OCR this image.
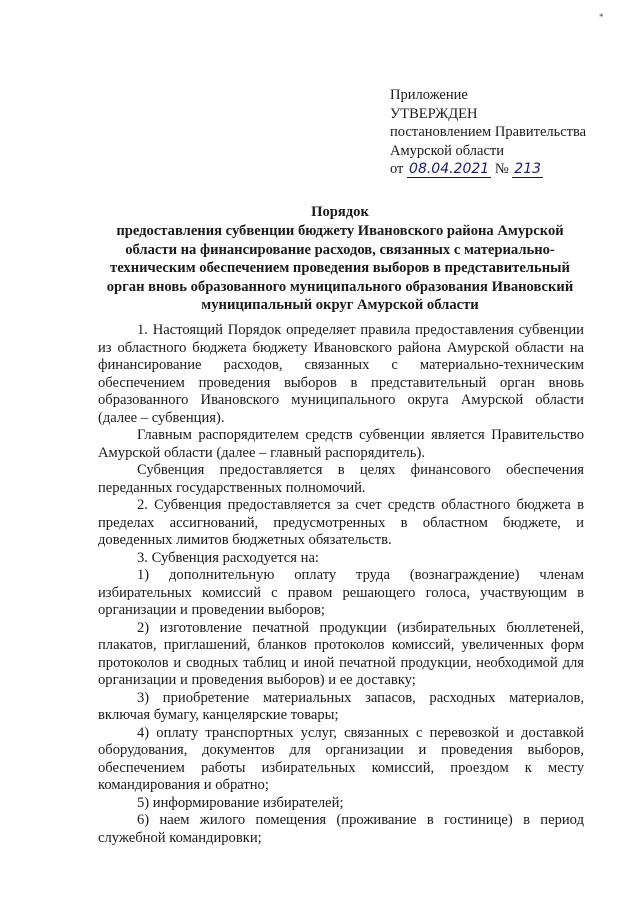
*
Приложение
УТВЕРЖДЕН
постановлением Правительства
Амурской области
от 08.04.2021 № 213
Порядок
предоставления субвенции бюджету Ивановского района Амурской области на финансирование расходов, связанных с материально-техническим обеспечением проведения выборов в представительный орган вновь образованного муниципального образования Ивановский муниципальный округ Амурской области

1. Настоящий Порядок определяет правила предоставления субвенции из областного бюджета бюджету Ивановского района Амурской области на финансирование расходов, связанных с материально-техническим обеспечением проведения выборов в представительный орган вновь образованного Ивановского муниципального округа Амурской области (далее – субвенция).

Главным распорядителем средств субвенции является Правительство Амурской области (далее – главный распорядитель).

Субвенция предоставляется в целях финансового обеспечения переданных государственных полномочий.

2. Субвенция предоставляется за счет средств областного бюджета в пределах ассигнований, предусмотренных в областном бюджете, и доведенных лимитов бюджетных обязательств.

3. Субвенция расходуется на:

1) дополнительную оплату труда (вознаграждение) членам избирательных комиссий с правом решающего голоса, участвующим в организации и проведении выборов;

2) изготовление печатной продукции (избирательных бюллетеней, плакатов, приглашений, бланков протоколов комиссий, увеличенных форм протоколов и сводных таблиц и иной печатной продукции, необходимой для организации и проведения выборов) и ее доставку;

3) приобретение материальных запасов, расходных материалов, включая бумагу, канцелярские товары;

4) оплату транспортных услуг, связанных с перевозкой и доставкой оборудования, документов для организации и проведения выборов, обеспечением работы избирательных комиссий, проездом к месту командирования и обратно;

5) информирование избирателей;

6) наем жилого помещения (проживание в гостинице) в период служебной командировки;
